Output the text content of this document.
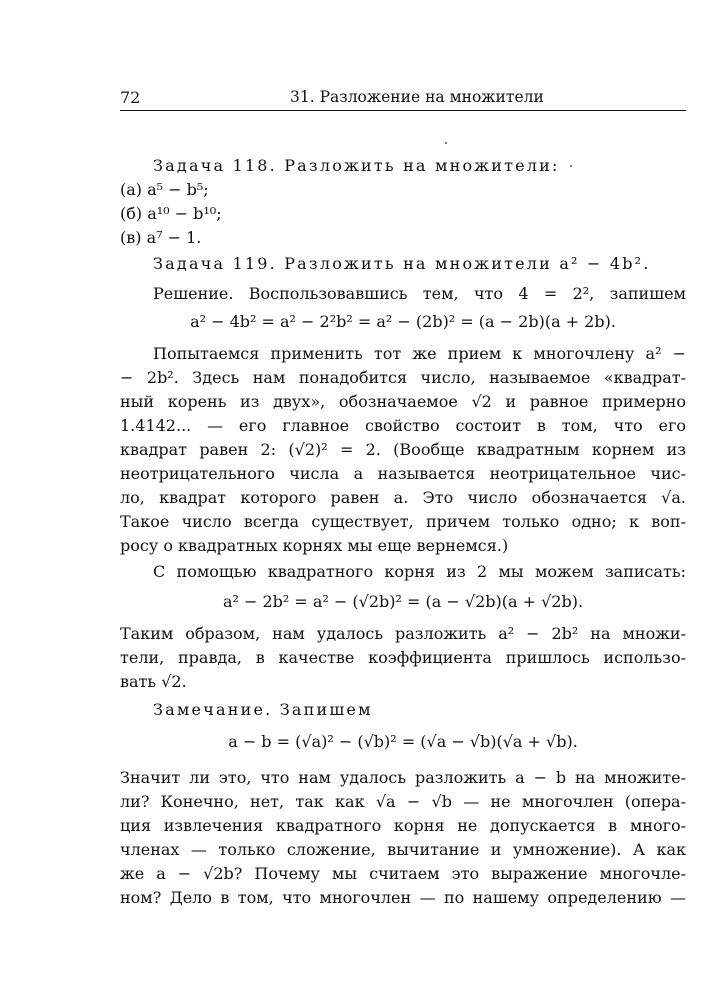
72	31. Разложение на множители
Задача 118. Разложить на множители:
(а) a⁵ − b⁵;
(б) a¹⁰ − b¹⁰;
(в) a⁷ − 1.
Задача 119. Разложить на множители a² − 4b².
Решение. Воспользовавшись тем, что 4 = 2², запишем
a² − 4b² = a² − 2²b² = a² − (2b)² = (a − 2b)(a + 2b).
Попытаемся применить тот же прием к многочлену a² −
− 2b². Здесь нам понадобится число, называемое «квадрат-
ный корень из двух», обозначаемое √2 и равное примерно
1.4142... — его главное свойство состоит в том, что его
квадрат равен 2: (√2)² = 2. (Вообще квадратным корнем из
неотрицательного числа a называется неотрицательное чис-
ло, квадрат которого равен a. Это число обозначается √a.
Такое число всегда существует, причем только одно; к воп-
росу о квадратных корнях мы еще вернемся.)
С помощью квадратного корня из 2 мы можем записать:
a² − 2b² = a² − (√2b)² = (a − √2b)(a + √2b).
Таким образом, нам удалось разложить a² − 2b² на множи-
тели, правда, в качестве коэффициента пришлось использо-
вать √2.
Замечание. Запишем
a − b = (√a)² − (√b)² = (√a − √b)(√a + √b).
Значит ли это, что нам удалось разложить a − b на множите-
ли? Конечно, нет, так как √a − √b — не многочлен (опера-
ция извлечения квадратного корня не допускается в много-
членах — только сложение, вычитание и умножение). А как
же a − √2b? Почему мы считаем это выражение многочле-
ном? Дело в том, что многочлен — по нашему определению —
